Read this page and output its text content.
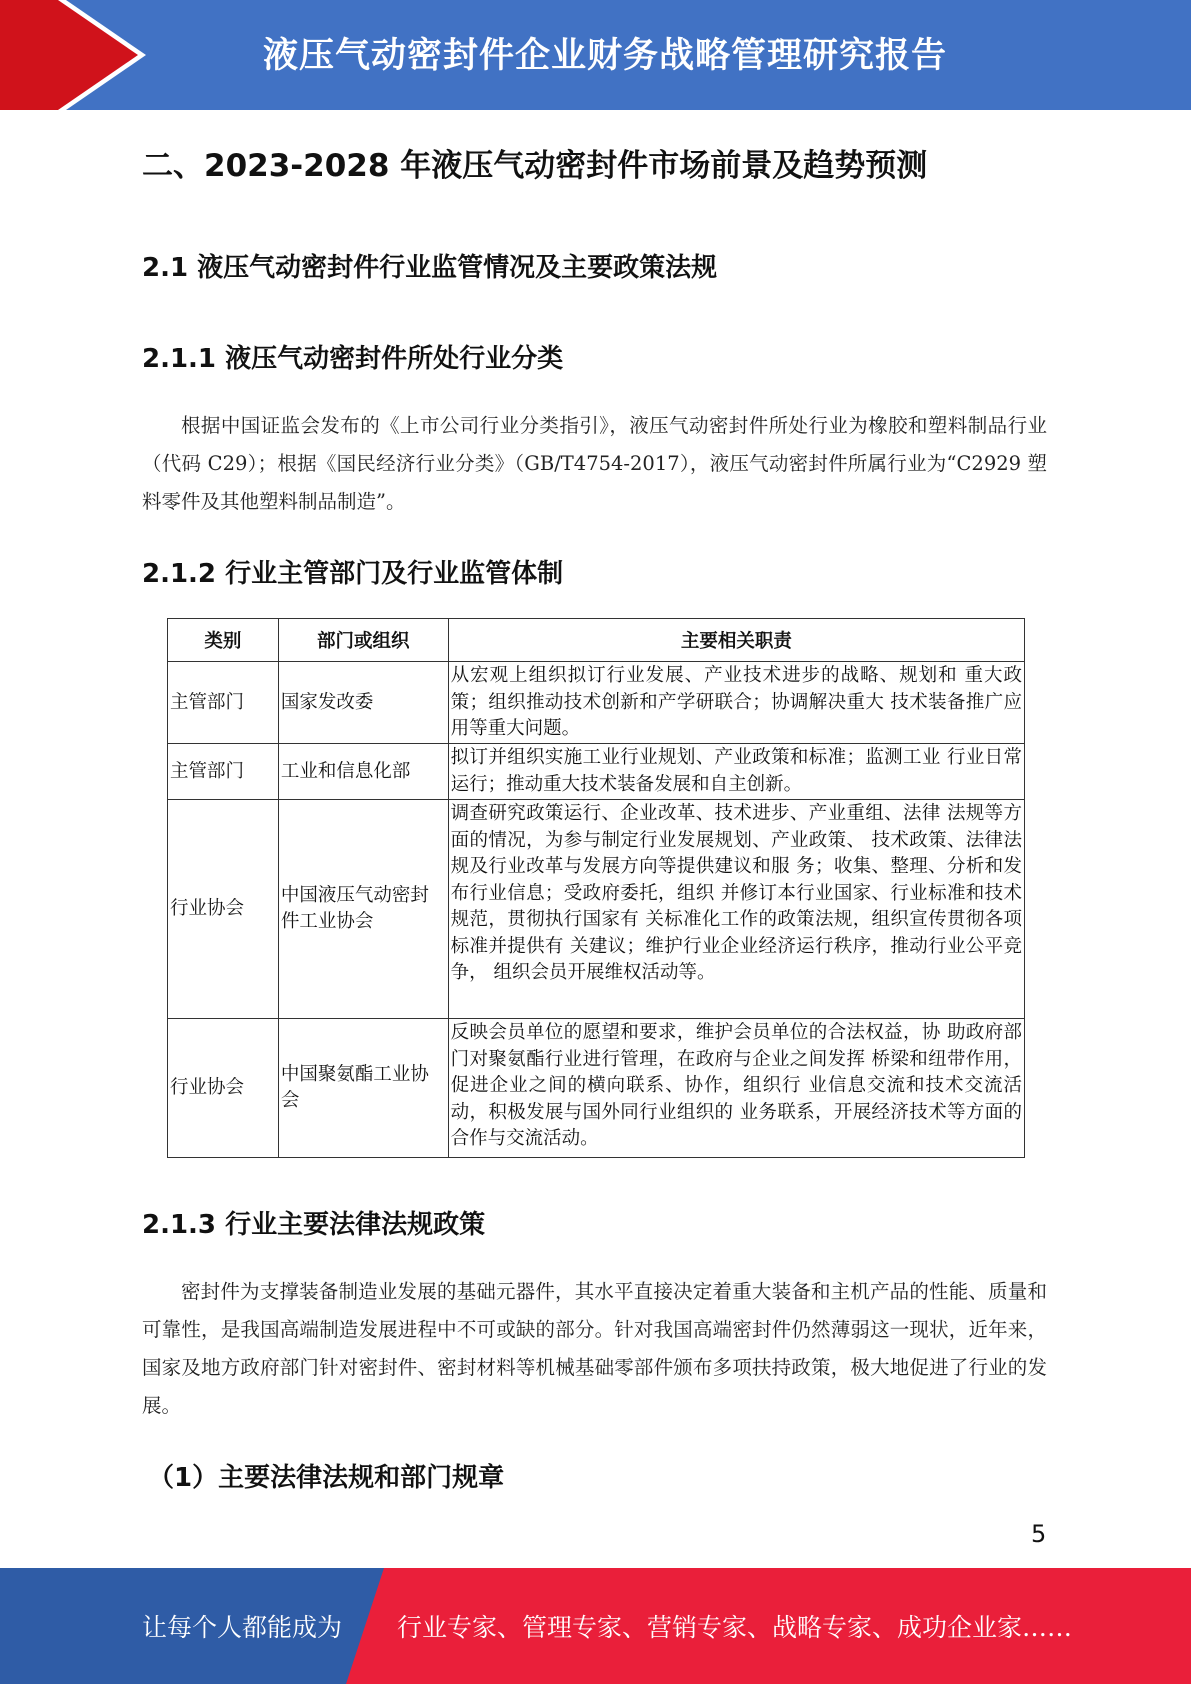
液压气动密封件企业财务战略管理研究报告
二、2023-2028 年液压气动密封件市场前景及趋势预测
2.1 液压气动密封件行业监管情况及主要政策法规
2.1.1 液压气动密封件所处行业分类
根据中国证监会发布的《上市公司行业分类指引》，液压气动密封件所处行业为橡胶和塑料制品行业（代码 C29）；根据《国民经济行业分类》（GB/T4754-2017），液压气动密封件所属行业为“C2929 塑料零件及其他塑料制品制造”。
2.1.2 行业主管部门及行业监管体制
类别	部门或组织	主要相关职责
主管部门	国家发改委	从宏观上组织拟订行业发展、产业技术进步的战略、规划和 重大政策；组织推动技术创新和产学研联合；协调解决重大 技术装备推广应用等重大问题。
主管部门	工业和信息化部	拟订并组织实施工业行业规划、产业政策和标准；监测工业 行业日常运行；推动重大技术装备发展和自主创新。
行业协会	中国液压气动密封件工业协会	调查研究政策运行、企业改革、技术进步、产业重组、法律 法规等方面的情况，为参与制定行业发展规划、产业政策、 技术政策、法律法规及行业改革与发展方向等提供建议和服 务；收集、整理、分析和发布行业信息；受政府委托，组织 并修订本行业国家、行业标准和技术规范，贯彻执行国家有 关标准化工作的政策法规，组织宣传贯彻各项标准并提供有 关建议；维护行业企业经济运行秩序，推动行业公平竞争， 组织会员开展维权活动等。
行业协会	中国聚氨酯工业协会	反映会员单位的愿望和要求，维护会员单位的合法权益，协 助政府部门对聚氨酯行业进行管理，在政府与企业之间发挥 桥梁和纽带作用，促进企业之间的横向联系、协作，组织行 业信息交流和技术交流活动，积极发展与国外同行业组织的 业务联系，开展经济技术等方面的合作与交流活动。
2.1.3 行业主要法律法规政策
密封件为支撑装备制造业发展的基础元器件，其水平直接决定着重大装备和主机产品的性能、质量和可靠性，是我国高端制造发展进程中不可或缺的部分。针对我国高端密封件仍然薄弱这一现状，近年来，国家及地方政府部门针对密封件、密封材料等机械基础零部件颁布多项扶持政策，极大地促进了行业的发展。
（1）主要法律法规和部门规章
5
让每个人都能成为 行业专家、管理专家、营销专家、战略专家、成功企业家……
